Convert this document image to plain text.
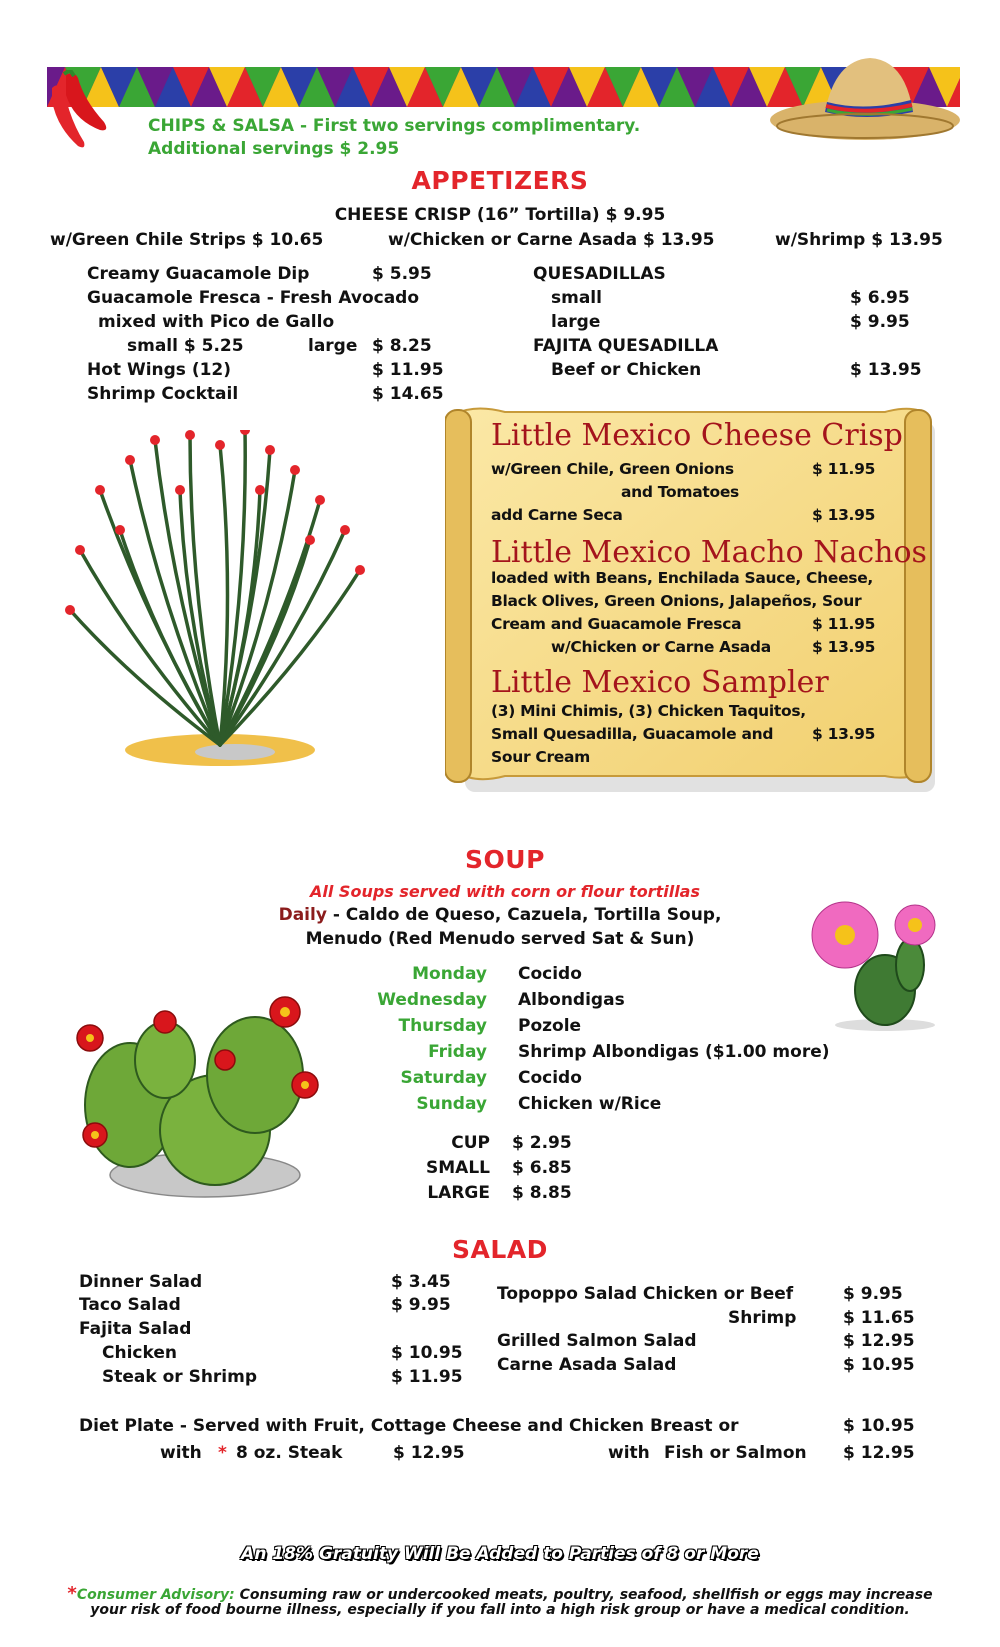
CHIPS & SALSA - First two servings complimentary.
Additional servings $ 2.95
APPETIZERS
CHEESE CRISP (16” Tortilla) $ 9.95
w/Green Chile Strips $ 10.65	w/Chicken or Carne Asada $ 13.95	w/Shrimp $ 13.95
Creamy Guacamole Dip	$ 5.95
Guacamole Fresca - Fresh Avocado
mixed with Pico de Gallo
small $ 5.25	large $ 8.25
Hot Wings (12)	$ 11.95
Shrimp Cocktail	$ 14.65
QUESADILLAS
small	$ 6.95
large	$ 9.95
FAJITA QUESADILLA
Beef or Chicken	$ 13.95
Little Mexico Cheese Crisp
w/Green Chile, Green Onions	$ 11.95
and Tomatoes
add Carne Seca	$ 13.95
Little Mexico Macho Nachos
loaded with Beans, Enchilada Sauce, Cheese,
Black Olives, Green Onions, Jalapeños, Sour
Cream and Guacamole Fresca	$ 11.95
w/Chicken or Carne Asada	$ 13.95
Little Mexico Sampler
(3) Mini Chimis, (3) Chicken Taquitos,
Small Quesadilla, Guacamole and	$ 13.95
Sour Cream
SOUP
All Soups served with corn or flour tortillas
Daily - Caldo de Queso, Cazuela, Tortilla Soup,
Menudo (Red Menudo served Sat & Sun)
Monday Cocido
Wednesday Albondigas
Thursday Pozole
Friday Shrimp Albondigas ($1.00 more)
Saturday Cocido
Sunday Chicken w/Rice
CUP $ 2.95
SMALL $ 6.85
LARGE $ 8.85
SALAD
Dinner Salad	$ 3.45
Taco Salad	$ 9.95
Fajita Salad
Chicken	$ 10.95
Steak or Shrimp	$ 11.95
Topoppo Salad Chicken or Beef	$ 9.95
Shrimp	$ 11.65
Grilled Salmon Salad	$ 12.95
Carne Asada Salad	$ 10.95
Diet Plate - Served with Fruit, Cottage Cheese and Chicken Breast or	$ 10.95
with * 8 oz. Steak	$ 12.95	with Fish or Salmon $ 12.95
An 18% Gratuity Will Be Added to Parties of 8 or More
*Consumer Advisory: Consuming raw or undercooked meats, poultry, seafood, shellfish or eggs may increase
your risk of food bourne illness, especially if you fall into a high risk group or have a medical condition.
